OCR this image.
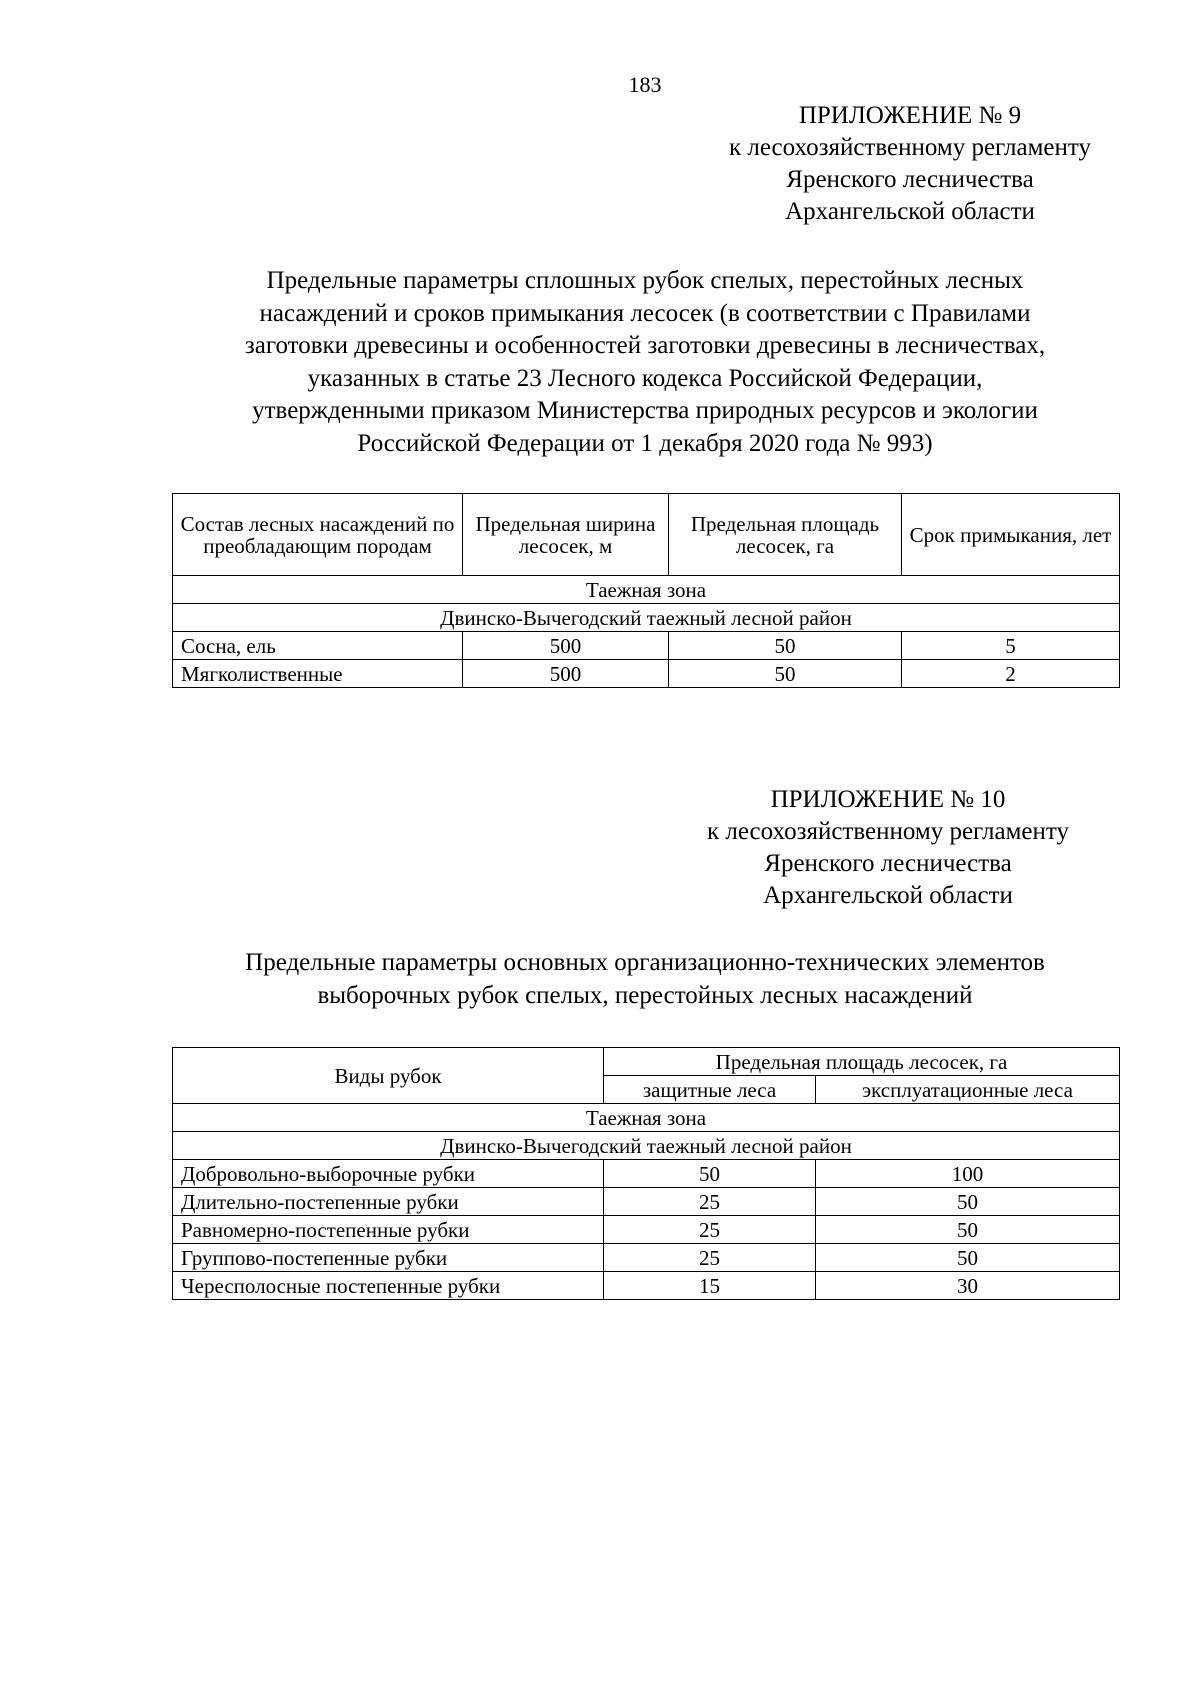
183
ПРИЛОЖЕНИЕ № 9
к лесохозяйственному регламенту
Яренского лесничества
Архангельской области
Предельные параметры сплошных рубок спелых, перестойных лесных
насаждений и сроков примыкания лесосек (в соответствии с Правилами
заготовки древесины и особенностей заготовки древесины в лесничествах,
указанных в статье 23 Лесного кодекса Российской Федерации,
утвержденными приказом Министерства природных ресурсов и экологии
Российской Федерации от 1 декабря 2020 года № 993)
Состав лесных насаждений по преобладающим породам	Предельная ширина лесосек, м	Предельная площадь лесосек, га	Срок примыкания, лет
Таежная зона			
Двинско-Вычегодский таежный лесной район			
Сосна, ель	500	50	5
Мягколиственные	500	50	2
ПРИЛОЖЕНИЕ № 10
к лесохозяйственному регламенту
Яренского лесничества
Архангельской области
Предельные параметры основных организационно-технических элементов
выборочных рубок спелых, перестойных лесных насаждений
Виды рубок	Предельная площадь лесосек, га	
	защитные леса	эксплуатационные леса
Таежная зона		
Двинско-Вычегодский таежный лесной район		
Добровольно-выборочные рубки	50	100
Длительно-постепенные рубки	25	50
Равномерно-постепенные рубки	25	50
Группово-постепенные рубки	25	50
Чересполосные постепенные рубки	15	30
